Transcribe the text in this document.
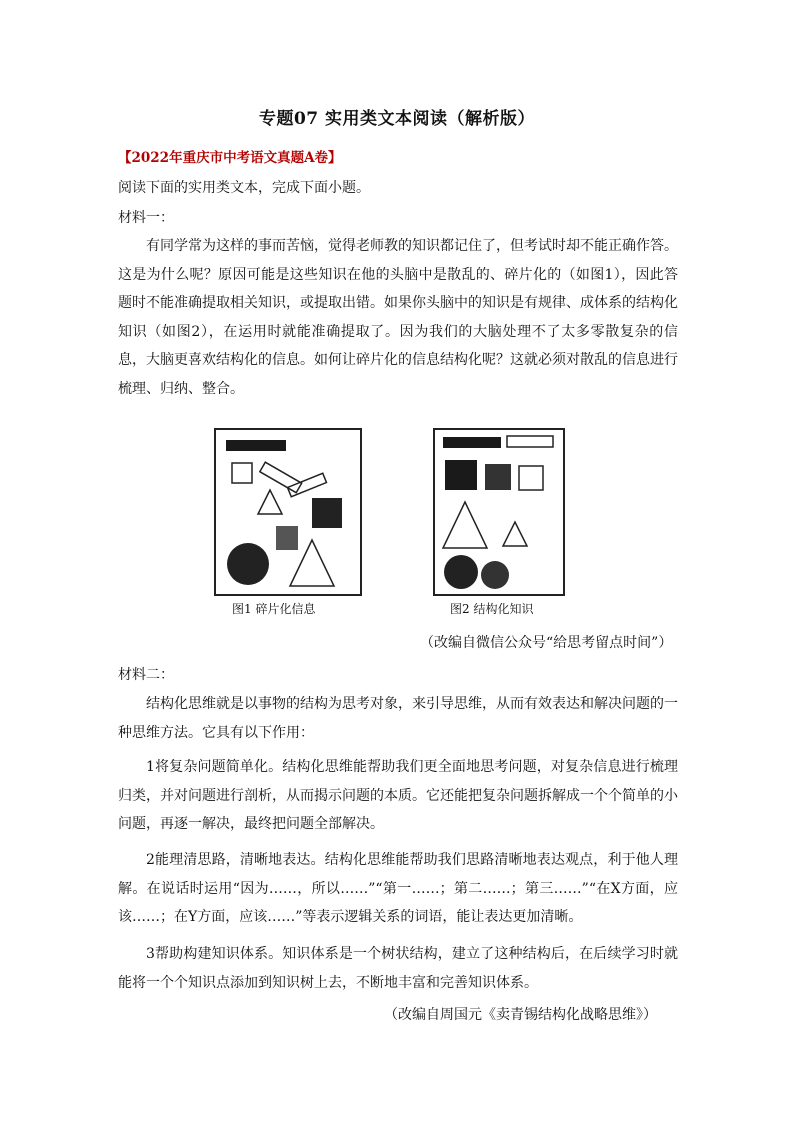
专题07 实用类文本阅读（解析版）
【2022年重庆市中考语文真题A卷】
阅读下面的实用类文本，完成下面小题。
材料一：

有同学常为这样的事而苦恼，觉得老师教的知识都记住了，但考试时却不能正确作答。这是为什么呢？原因可能是这些知识在他的头脑中是散乱的、碎片化的（如图1），因此答题时不能准确提取相关知识，或提取出错。如果你头脑中的知识是有规律、成体系的结构化知识（如图2），在运用时就能准确提取了。因为我们的大脑处理不了太多零散复杂的信息，大脑更喜欢结构化的信息。如何让碎片化的信息结构化呢？这就必须对散乱的信息进行梳理、归纳、整合。

图1 碎片化信息	图2 结构化知识
（改编自微信公众号“给思考留点时间”）
材料二：

结构化思维就是以事物的结构为思考对象，来引导思维，从而有效表达和解决问题的一种思维方法。它具有以下作用：

1将复杂问题简单化。结构化思维能帮助我们更全面地思考问题，对复杂信息进行梳理归类，并对问题进行剖析，从而揭示问题的本质。它还能把复杂问题拆解成一个个简单的小问题，再逐一解决，最终把问题全部解决。

2能理清思路，清晰地表达。结构化思维能帮助我们思路清晰地表达观点，利于他人理解。在说话时运用“因为……，所以……”“第一……；第二……；第三……”“在X方面，应该……；在Y方面，应该……”等表示逻辑关系的词语，能让表达更加清晰。

3帮助构建知识体系。知识体系是一个树状结构，建立了这种结构后，在后续学习时就能将一个个知识点添加到知识树上去，不断地丰富和完善知识体系。

（改编自周国元《卖青锡结构化战略思维》）
